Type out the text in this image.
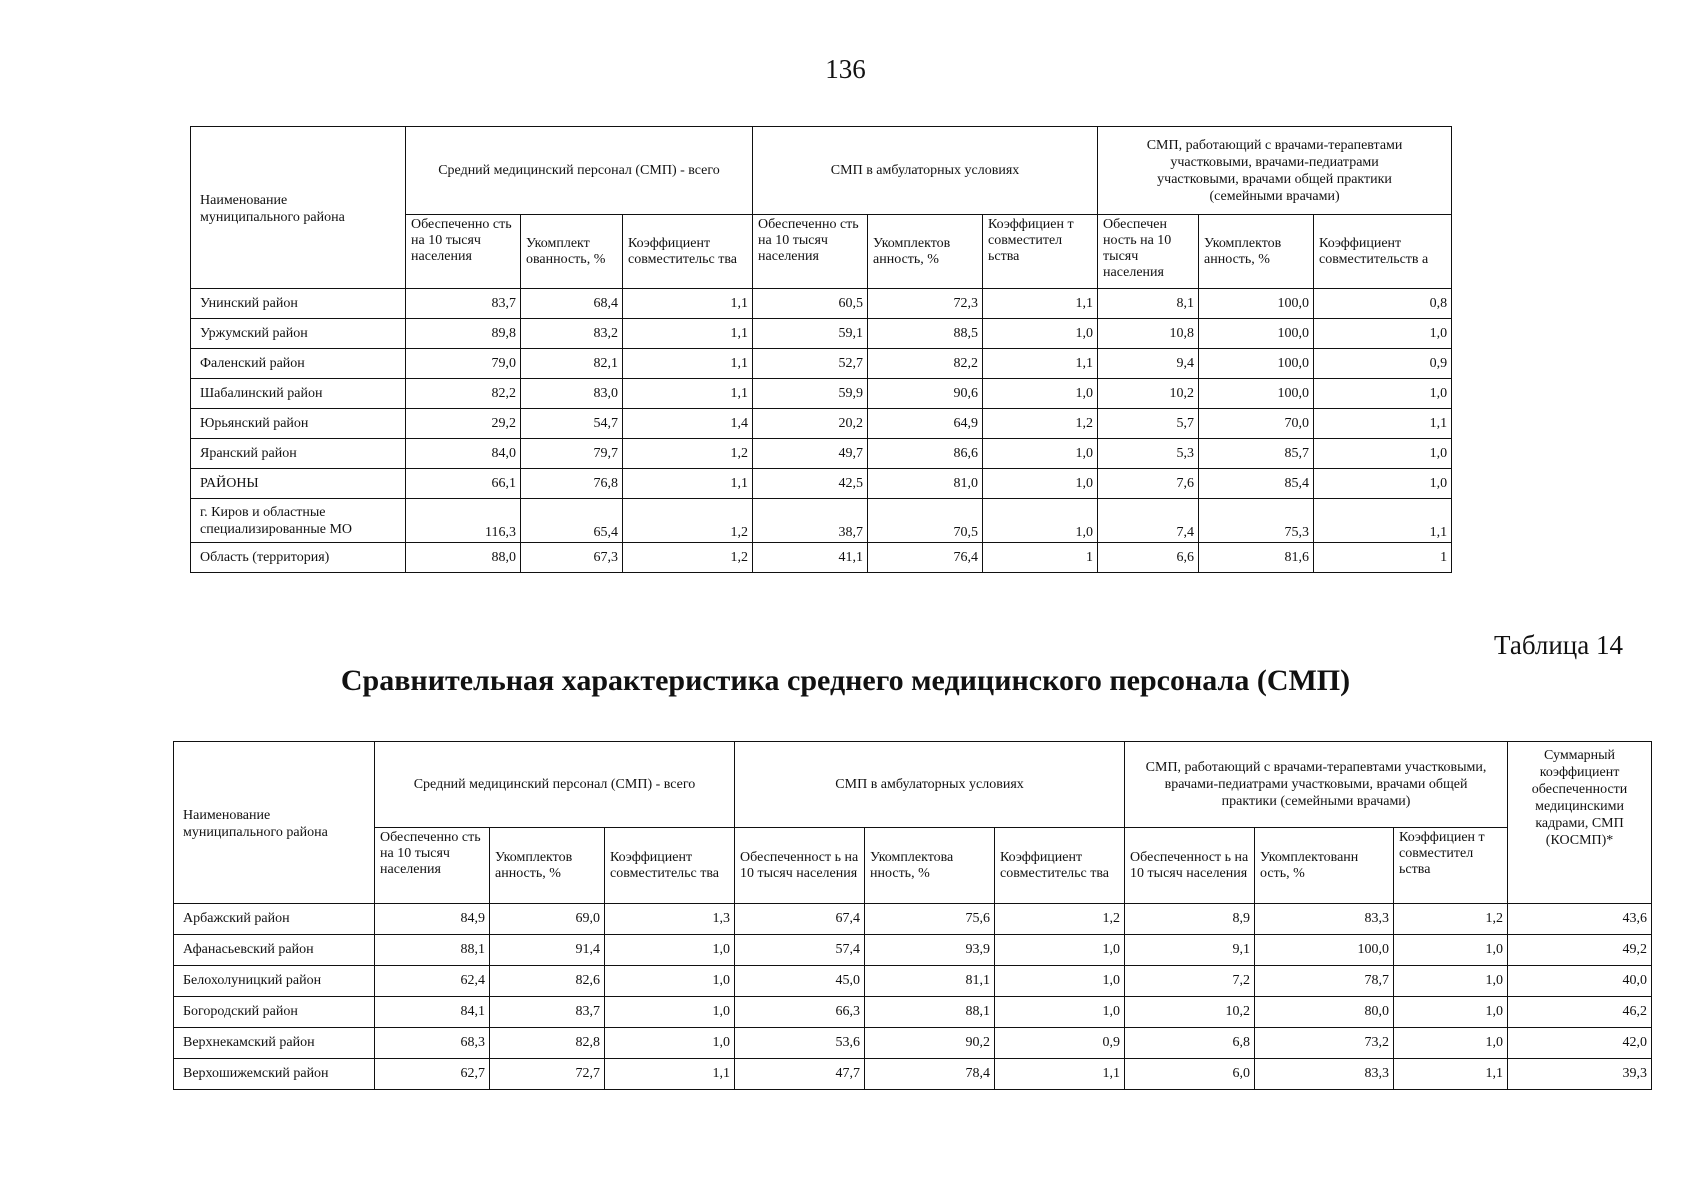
136
Наименование
муниципального района	Средний медицинский персонал (СМП) - всего			СМП в амбулаторных условиях			СМП, работающий с врачами-терапевтами участковыми, врачами-педиатрами участковыми, врачами общей практики (семейными врачами)		
	Обеспеченно сть на 10 тысяч населения	Укомплект ованность, %	Коэффициент совместительс тва	Обеспеченно сть на 10 тысяч населения	Укомплектов анность, %	Коэффициен т совместител ьства	Обеспечен ность на 10 тысяч населения	Укомплектов анность, %	Коэффициент совместительств а
Унинский район	83,7	68,4	1,1	60,5	72,3	1,1	8,1	100,0	0,8
Уржумский район	89,8	83,2	1,1	59,1	88,5	1,0	10,8	100,0	1,0
Фаленский район	79,0	82,1	1,1	52,7	82,2	1,1	9,4	100,0	0,9
Шабалинский район	82,2	83,0	1,1	59,9	90,6	1,0	10,2	100,0	1,0
Юрьянский район	29,2	54,7	1,4	20,2	64,9	1,2	5,7	70,0	1,1
Яранский район	84,0	79,7	1,2	49,7	86,6	1,0	5,3	85,7	1,0
РАЙОНЫ	66,1	76,8	1,1	42,5	81,0	1,0	7,6	85,4	1,0
г. Киров и областные специализированные МО	116,3	65,4	1,2	38,7	70,5	1,0	7,4	75,3	1,1
Область (территория)	88,0	67,3	1,2	41,1	76,4	1	6,6	81,6	1
Таблица 14
Сравнительная характеристика среднего медицинского персонала (СМП)
Наименование
муниципального района	Средний медицинский персонал (СМП) - всего			СМП в амбулаторных условиях			СМП, работающий с врачами-терапевтами участковыми, врачами-педиатрами участковыми, врачами общей практики (семейными врачами)			Суммарный коэффициент обеспеченности медицинскими кадрами, СМП (КОСМП)*
	Обеспеченно сть на 10 тысяч населения	Укомплектов анность, %	Коэффициент совместительс тва	Обеспеченност ь на 10 тысяч населения	Укомплектова нность, %	Коэффициент совместительс тва	Обеспеченност ь на 10 тысяч населения	Укомплектованн ость, %	Коэффициен т совместител ьства	
Арбажский район	84,9	69,0	1,3	67,4	75,6	1,2	8,9	83,3	1,2	43,6
Афанасьевский район	88,1	91,4	1,0	57,4	93,9	1,0	9,1	100,0	1,0	49,2
Белохолуницкий район	62,4	82,6	1,0	45,0	81,1	1,0	7,2	78,7	1,0	40,0
Богородский район	84,1	83,7	1,0	66,3	88,1	1,0	10,2	80,0	1,0	46,2
Верхнекамский район	68,3	82,8	1,0	53,6	90,2	0,9	6,8	73,2	1,0	42,0
Верхошижемский район	62,7	72,7	1,1	47,7	78,4	1,1	6,0	83,3	1,1	39,3
